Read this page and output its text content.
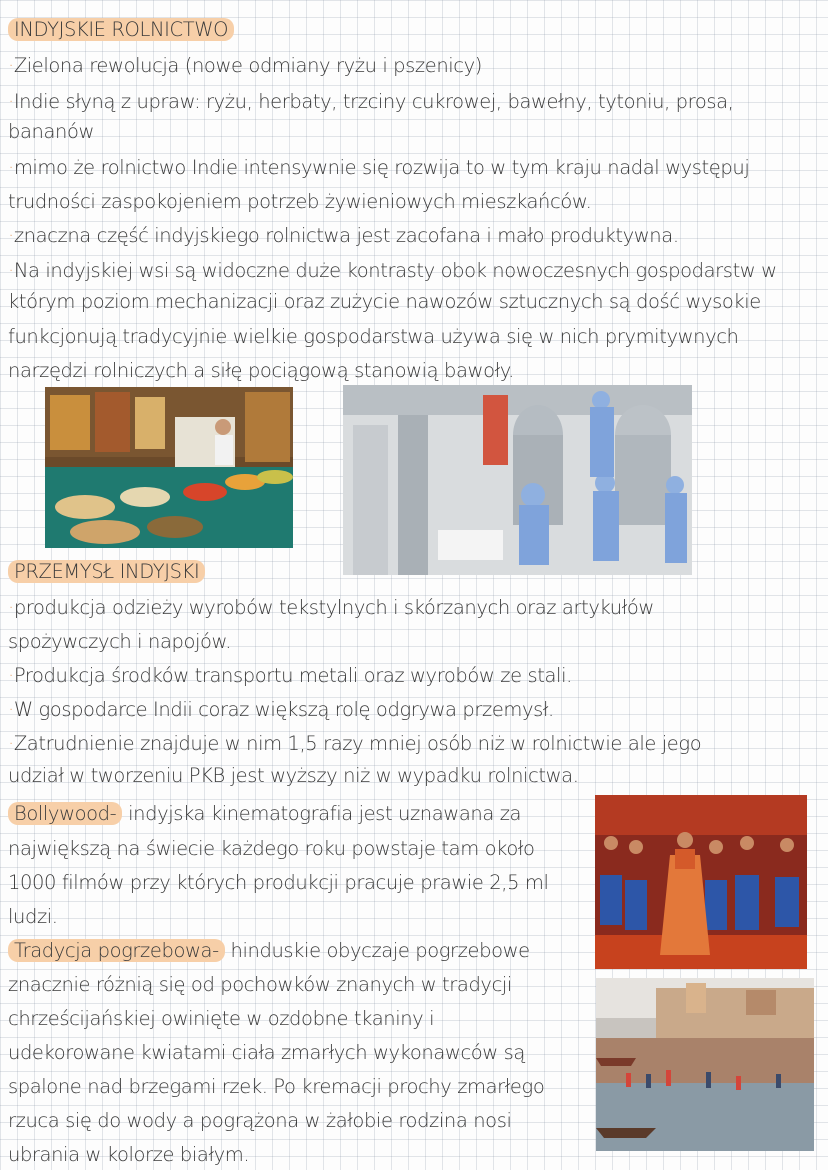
INDYJSKIE ROLNICTWO
·Zielona rewolucja (nowe odmiany ryżu i pszenicy)
·Indie słyną z upraw: ryżu, herbaty, trzciny cukrowej, bawełny, tytoniu, prosa,
bananów
·mimo że rolnictwo Indie intensywnie się rozwija to w tym kraju nadal występuj
trudności zaspokojeniem potrzeb żywieniowych mieszkańców.
·znaczna część indyjskiego rolnictwa jest zacofana i mało produktywna.
·Na indyjskiej wsi są widoczne duże kontrasty obok nowoczesnych gospodarstw w
którym poziom mechanizacji oraz zużycie nawozów sztucznych są dość wysokie
funkcjonują tradycyjnie wielkie gospodarstwa używa się w nich prymitywnych
narzędzi rolniczych a siłę pociągową stanowią bawoły.
PRZEMYSŁ INDYJSKI
·produkcja odzieży wyrobów tekstylnych i skórzanych oraz artykułów
spożywczych i napojów.
·Produkcja środków transportu metali oraz wyrobów ze stali.
·W gospodarce Indii coraz większą rolę odgrywa przemysł.
·Zatrudnienie znajduje w nim 1,5 razy mniej osób niż w rolnictwie ale jego
udział w tworzeniu PKB jest wyższy niż w wypadku rolnictwa.
Bollywood- indyjska kinematografia jest uznawana za
największą na świecie każdego roku powstaje tam około
1000 filmów przy których produkcji pracuje prawie 2,5 ml
ludzi.
Tradycja pogrzebowa- hinduskie obyczaje pogrzebowe
znacznie różnią się od pochowków znanych w tradycji
chrześcijańskiej owinięte w ozdobne tkaniny i
udekorowane kwiatami ciała zmarłych wykonawców są
spalone nad brzegami rzek. Po kremacji prochy zmarłego
rzuca się do wody a pogrążona w żałobie rodzina nosi
ubrania w kolorze białym.
